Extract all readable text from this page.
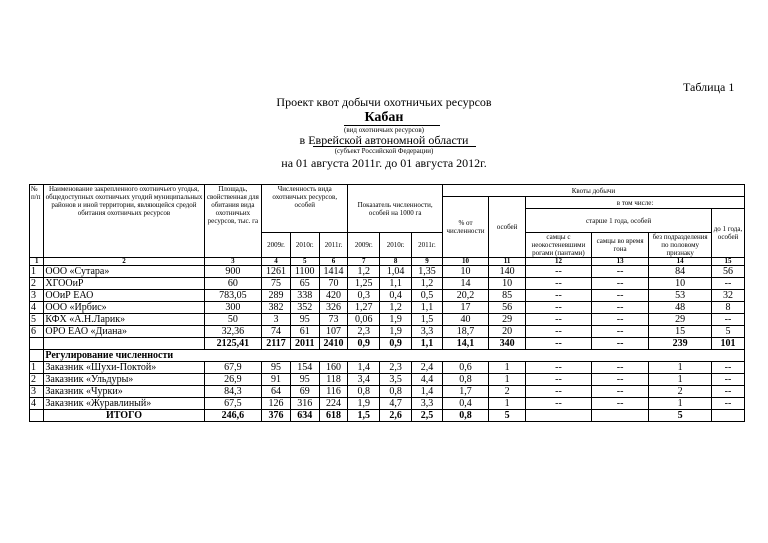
Таблица 1
Проект квот добычи охотничьих ресурсов
Кабан
(вид охотничьих ресурсов)
в Еврейской автономной области
(субъект Российской Федерации)
на 01 августа 2011г. до 01 августа 2012г.
№ п/п	Наименование закрепленного охотничьего угодья, общедоступных охотничьих угодий муниципальных районов и иной территории, являющейся средой обитания охотничьих ресурсов	Площадь, свойственная для обитания вида охотничьих ресурсов, тыс. га	Численность вида охотничьих ресурсов, особей			Показатель численности, особей на 1000 га			Квоты добычи					
									% от численности	особей	в том числе:			
											старше 1 года, особей			до 1 года, особей
			2009г.	2010г.	2011г.	2009г.	2010г.	2011г.			самцы с неокостеневшими рогами (пантами)	самцы во время гона	без подразделения по половому признаку	
1	2	3	4	5	6	7	8	9	10	11	12	13	14	15
1	ООО «Сутара»	900	1261	1100	1414	1,2	1,04	1,35	10	140	--	--	84	56
2	ХГООиР	60	75	65	70	1,25	1,1	1,2	14	10	--	--	10	--
3	ООиР ЕАО	783,05	289	338	420	0,3	0,4	0,5	20,2	85	--	--	53	32
4	ООО «Ирбис»	300	382	352	326	1,27	1,2	1,1	17	56	--	--	48	8
5	КФХ «А.Н.Ларик»	50	3	95	73	0,06	1,9	1,5	40	29	--	--	29	--
6	ОРО ЕАО «Диана»	32,36	74	61	107	2,3	1,9	3,3	18,7	20	--	--	15	5
		2125,41	2117	2011	2410	0,9	0,9	1,1	14,1	340	--	--	239	101
	Регулирование численности													
1	Заказник «Шухи-Поктой»	67,9	95	154	160	1,4	2,3	2,4	0,6	1	--	--	1	--
2	Заказник «Ульдуры»	26,9	91	95	118	3,4	3,5	4,4	0,8	1	--	--	1	--
3	Заказник «Чурки»	84,3	64	69	116	0,8	0,8	1,4	1,7	2	--	--	2	--
4	Заказник «Журавлиный»	67,5	126	316	224	1,9	4,7	3,3	0,4	1	--	--	1	--
	ИТОГО	246,6	376	634	618	1,5	2,6	2,5	0,8	5			5	
